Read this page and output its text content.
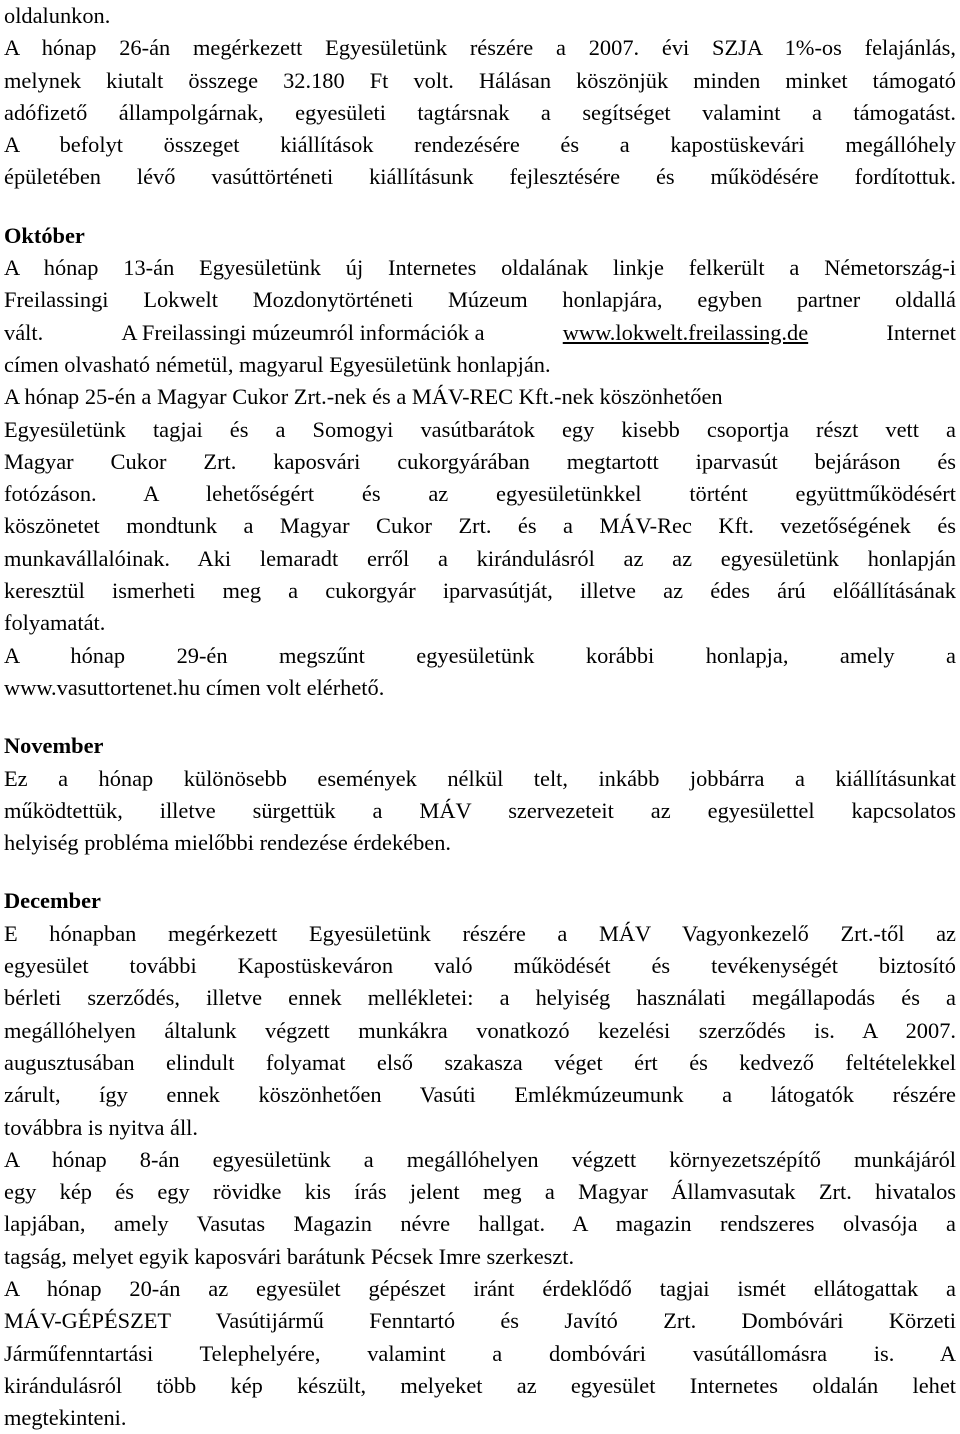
oldalunkon.
A hónap 26-án megérkezett Egyesületünk részére a 2007. évi SZJA 1%-os felajánlás,
melynek kiutalt összege 32.180 Ft volt. Hálásan köszönjük minden minket támogató
adófizető állampolgárnak, egyesületi tagtársnak a segítséget valamint a támogatást.
A befolyt összeget kiállítások rendezésére és a kapostüskevári megállóhely
épületében lévő vasúttörténeti kiállításunk fejlesztésére és működésére fordítottuk.
Október
A hónap 13-án Egyesületünk új Internetes oldalának linkje felkerült a Németország-i
Freilassingi Lokwelt Mozdonytörténeti Múzeum honlapjára, egyben partner oldallá
vált.	A Freilassingi múzeumról információk a	www.lokwelt.freilassing.de	Internet
címen olvasható németül, magyarul Egyesületünk honlapján.
A hónap 25-én a Magyar Cukor Zrt.-nek és a MÁV-REC Kft.-nek köszönhetően
Egyesületünk tagjai és a Somogyi vasútbarátok egy kisebb csoportja részt vett a
Magyar Cukor Zrt. kaposvári cukorgyárában megtartott iparvasút bejáráson és
fotózáson. A lehetőségért és az egyesületünkkel történt együttműködésért
köszönetet mondtunk a Magyar Cukor Zrt. és a MÁV-Rec Kft. vezetőségének és
munkavállalóinak. Aki lemaradt erről a kirándulásról az az egyesületünk honlapján
keresztül ismerheti meg a cukorgyár iparvasútját, illetve az édes árú előállításának
folyamatát.
A hónap 29-én megszűnt egyesületünk korábbi honlapja, amely a
www.vasuttortenet.hu címen volt elérhető.
November
Ez a hónap különösebb események nélkül telt, inkább jobbárra a kiállításunkat
működtettük, illetve sürgettük a MÁV szervezeteit az egyesülettel kapcsolatos
helyiség probléma mielőbbi rendezése érdekében.
December
E hónapban megérkezett Egyesületünk részére a MÁV Vagyonkezelő Zrt.-től az
egyesület további Kapostüskeváron való működését és tevékenységét biztosító
bérleti szerződés, illetve ennek mellékletei: a helyiség használati megállapodás és a
megállóhelyen általunk végzett munkákra vonatkozó kezelési szerződés is. A 2007.
augusztusában elindult folyamat első szakasza véget ért és kedvező feltételekkel
zárult, így ennek köszönhetően Vasúti Emlékmúzeumunk a látogatók részére
továbbra is nyitva áll.
A hónap 8-án egyesületünk a megállóhelyen végzett környezetszépítő munkájáról
egy kép és egy rövidke kis írás jelent meg a Magyar Államvasutak Zrt. hivatalos
lapjában, amely Vasutas Magazin névre hallgat. A magazin rendszeres olvasója a
tagság, melyet egyik kaposvári barátunk Pécsek Imre szerkeszt.
A hónap 20-án az egyesület gépészet iránt érdeklődő tagjai ismét ellátogattak a
MÁV-GÉPÉSZET Vasútijármű Fenntartó és Javító Zrt. Dombóvári Körzeti
Járműfenntartási Telephelyére, valamint a dombóvári vasútállomásra is. A
kirándulásról több kép készült, melyeket az egyesület Internetes oldalán lehet
megtekinteni.
